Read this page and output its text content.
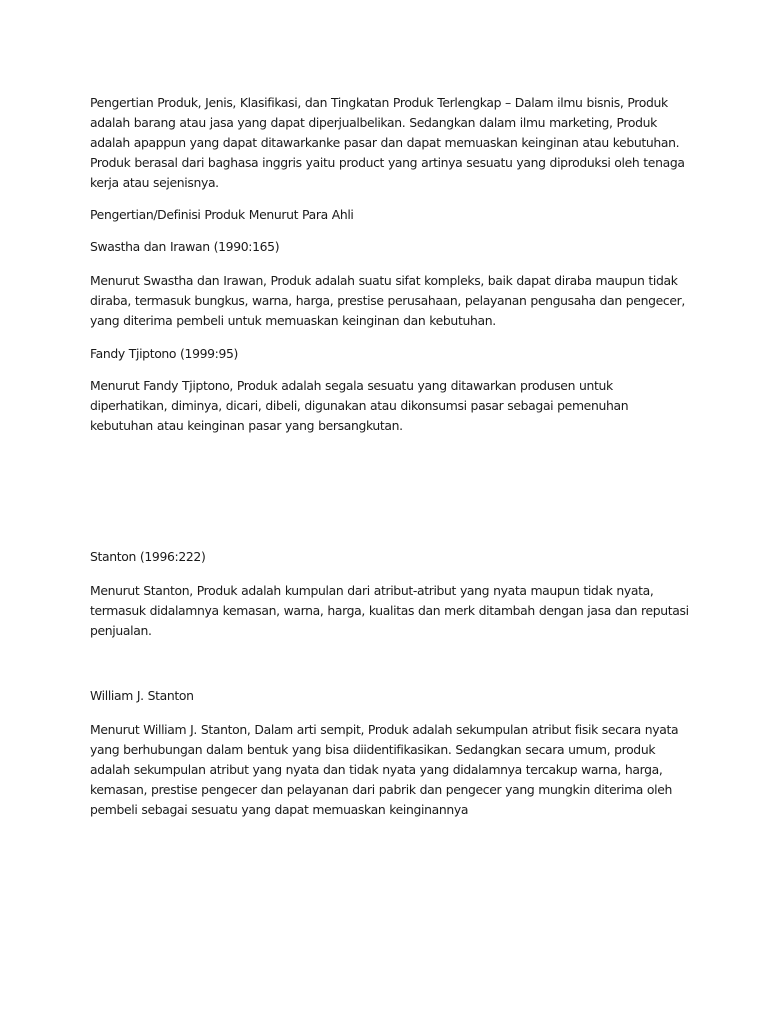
Pengertian Produk, Jenis, Klasifikasi, dan Tingkatan Produk Terlengkap – Dalam ilmu bisnis, Produk adalah barang atau jasa yang dapat diperjualbelikan. Sedangkan dalam ilmu marketing, Produk adalah apappun yang dapat ditawarkanke pasar dan dapat memuaskan keinginan atau kebutuhan. Produk berasal dari baghasa inggris yaitu product yang artinya sesuatu yang diproduksi oleh tenaga kerja atau sejenisnya.

Pengertian/Definisi Produk Menurut Para Ahli

Swastha dan Irawan (1990:165)

Menurut Swastha dan Irawan, Produk adalah suatu sifat kompleks, baik dapat diraba maupun tidak diraba, termasuk bungkus, warna, harga, prestise perusahaan, pelayanan pengusaha dan pengecer, yang diterima pembeli untuk memuaskan keinginan dan kebutuhan.

Fandy Tjiptono (1999:95)

Menurut Fandy Tjiptono, Produk adalah segala sesuatu yang ditawarkan produsen untuk diperhatikan, diminya, dicari, dibeli, digunakan atau dikonsumsi pasar sebagai pemenuhan kebutuhan atau keinginan pasar yang bersangkutan.

Stanton (1996:222)

Menurut Stanton, Produk adalah kumpulan dari atribut-atribut yang nyata maupun tidak nyata, termasuk didalamnya kemasan, warna, harga, kualitas dan merk ditambah dengan jasa dan reputasi penjualan.

William J. Stanton

Menurut William J. Stanton, Dalam arti sempit, Produk adalah sekumpulan atribut fisik secara nyata yang berhubungan dalam bentuk yang bisa diidentifikasikan. Sedangkan secara umum, produk adalah sekumpulan atribut yang nyata dan tidak nyata yang didalamnya tercakup warna, harga, kemasan, prestise pengecer dan pelayanan dari pabrik dan pengecer yang mungkin diterima oleh pembeli sebagai sesuatu yang dapat memuaskan keinginannya
